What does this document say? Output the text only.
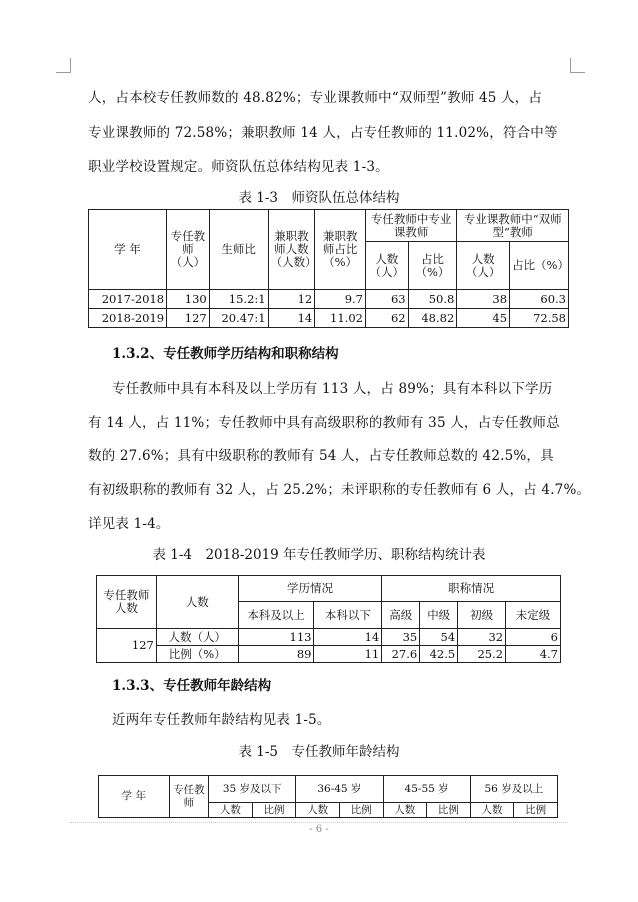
人，占本校专任教师数的 48.82%；专业课教师中“双师型”教师 45 人，占
专业课教师的 72.58%；兼职教师 14 人，占专任教师的 11.02%，符合中等
职业学校设置规定。师资队伍总体结构见表 1-3。
表 1-3　师资队伍总体结构
学 年	专任教师（人）	生师比	兼职教师人数（人数）	兼职教师占比（%）	专任教师中专业课教师		专业课教师中“双师型”教师	
					人数（人）	占比（%）	人数（人）	占比（%）
2017-2018	130	15.2:1	12	9.7	63	50.8	38	60.3
2018-2019	127	20.47:1	14	11.02	62	48.82	45	72.58
1.3.2、专任教师学历结构和职称结构
专任教师中具有本科及以上学历有 113 人，占 89%；具有本科以下学历
有 14 人，占 11%；专任教师中具有高级职称的教师有 35 人，占专任教师总
数的 27.6%；具有中级职称的教师有 54 人，占专任教师总数的 42.5%，具
有初级职称的教师有 32 人，占 25.2%；未评职称的专任教师有 6 人，占 4.7%。
详见表 1-4。
表 1-4　2018-2019 年专任教师学历、职称结构统计表
专任教师人数	人数	学历情况		职称情况			
		本科及以上	本科以下	高级	中级	初级	未定级
127	人数（人）	113	14	35	54	32	6
	比例（%）	89	11	27.6	42.5	25.2	4.7
1.3.3、专任教师年龄结构
近两年专任教师年龄结构见表 1-5。
表 1-5　专任教师年龄结构
学 年	专任教师	35 岁及以下		36-45 岁		45-55 岁		56 岁及以上	
		人数	比例	人数	比例	人数	比例	人数	比例
- 6 -
